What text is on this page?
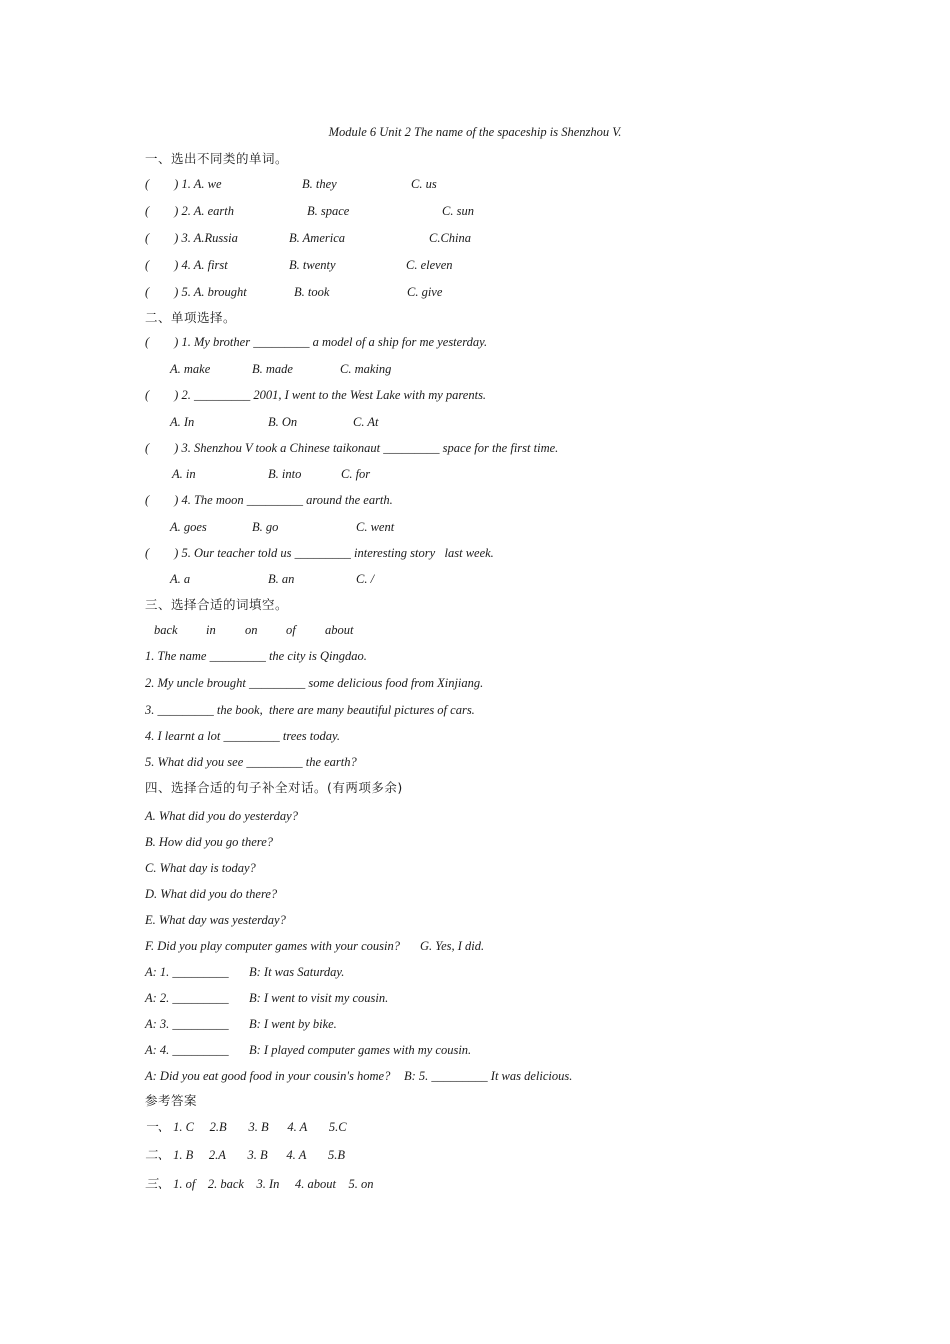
Module 6 Unit 2 The name of the spaceship is Shenzhou V.
一、选出不同类的单词。
(        ) 1. A. we	B. they	C. us
(        ) 2. A. earth	B. space	C. sun
(        ) 3. A.Russia	B. America	C.China
(        ) 4. A. first	B. twenty	C. eleven
(        ) 5. A. brought	B. took	C. give
二、单项选择。
(        ) 1. My brother _________ a model of a ship for me yesterday.
A. make	B. made	C. making
(        ) 2. _________ 2001, I went to the West Lake with my parents.
A. In	B. On	C. At
(        ) 3. Shenzhou V took a Chinese taikonaut _________ space for the first time.
A. in	B. into	C. for
(        ) 4. The moon _________ around the earth.
A. goes	B. go	C. went
(        ) 5. Our teacher told us _________ interesting story   last week.
A. a	B. an	C. /
三、选择合适的词填空。
back in on of about
1. The name _________ the city is Qingdao.
2. My uncle brought _________ some delicious food from Xinjiang.
3. _________ the book,  there are many beautiful pictures of cars.
4. I learnt a lot _________ trees today.
5. What did you see _________ the earth?
四、选择合适的句子补全对话。(有两项多余)
A. What did you do yesterday?
B. How did you go there?
C. What day is today?
D. What did you do there?
E. What day was yesterday?
F. Did you play computer games with your cousin? G. Yes, I did.
A: 1. _________ B: It was Saturday.
A: 2. _________ B: I went to visit my cousin.
A: 3. _________ B: I went by bike.
A: 4. _________ B: I played computer games with my cousin.
A: Did you eat good food in your cousin's home? B: 5. _________ It was delicious.
参考答案
一、 1. C     2.B       3. B      4. A       5.C
二、 1. B     2.A       3. B      4. A       5.B
三、 1. of    2. back    3. In     4. about    5. on
